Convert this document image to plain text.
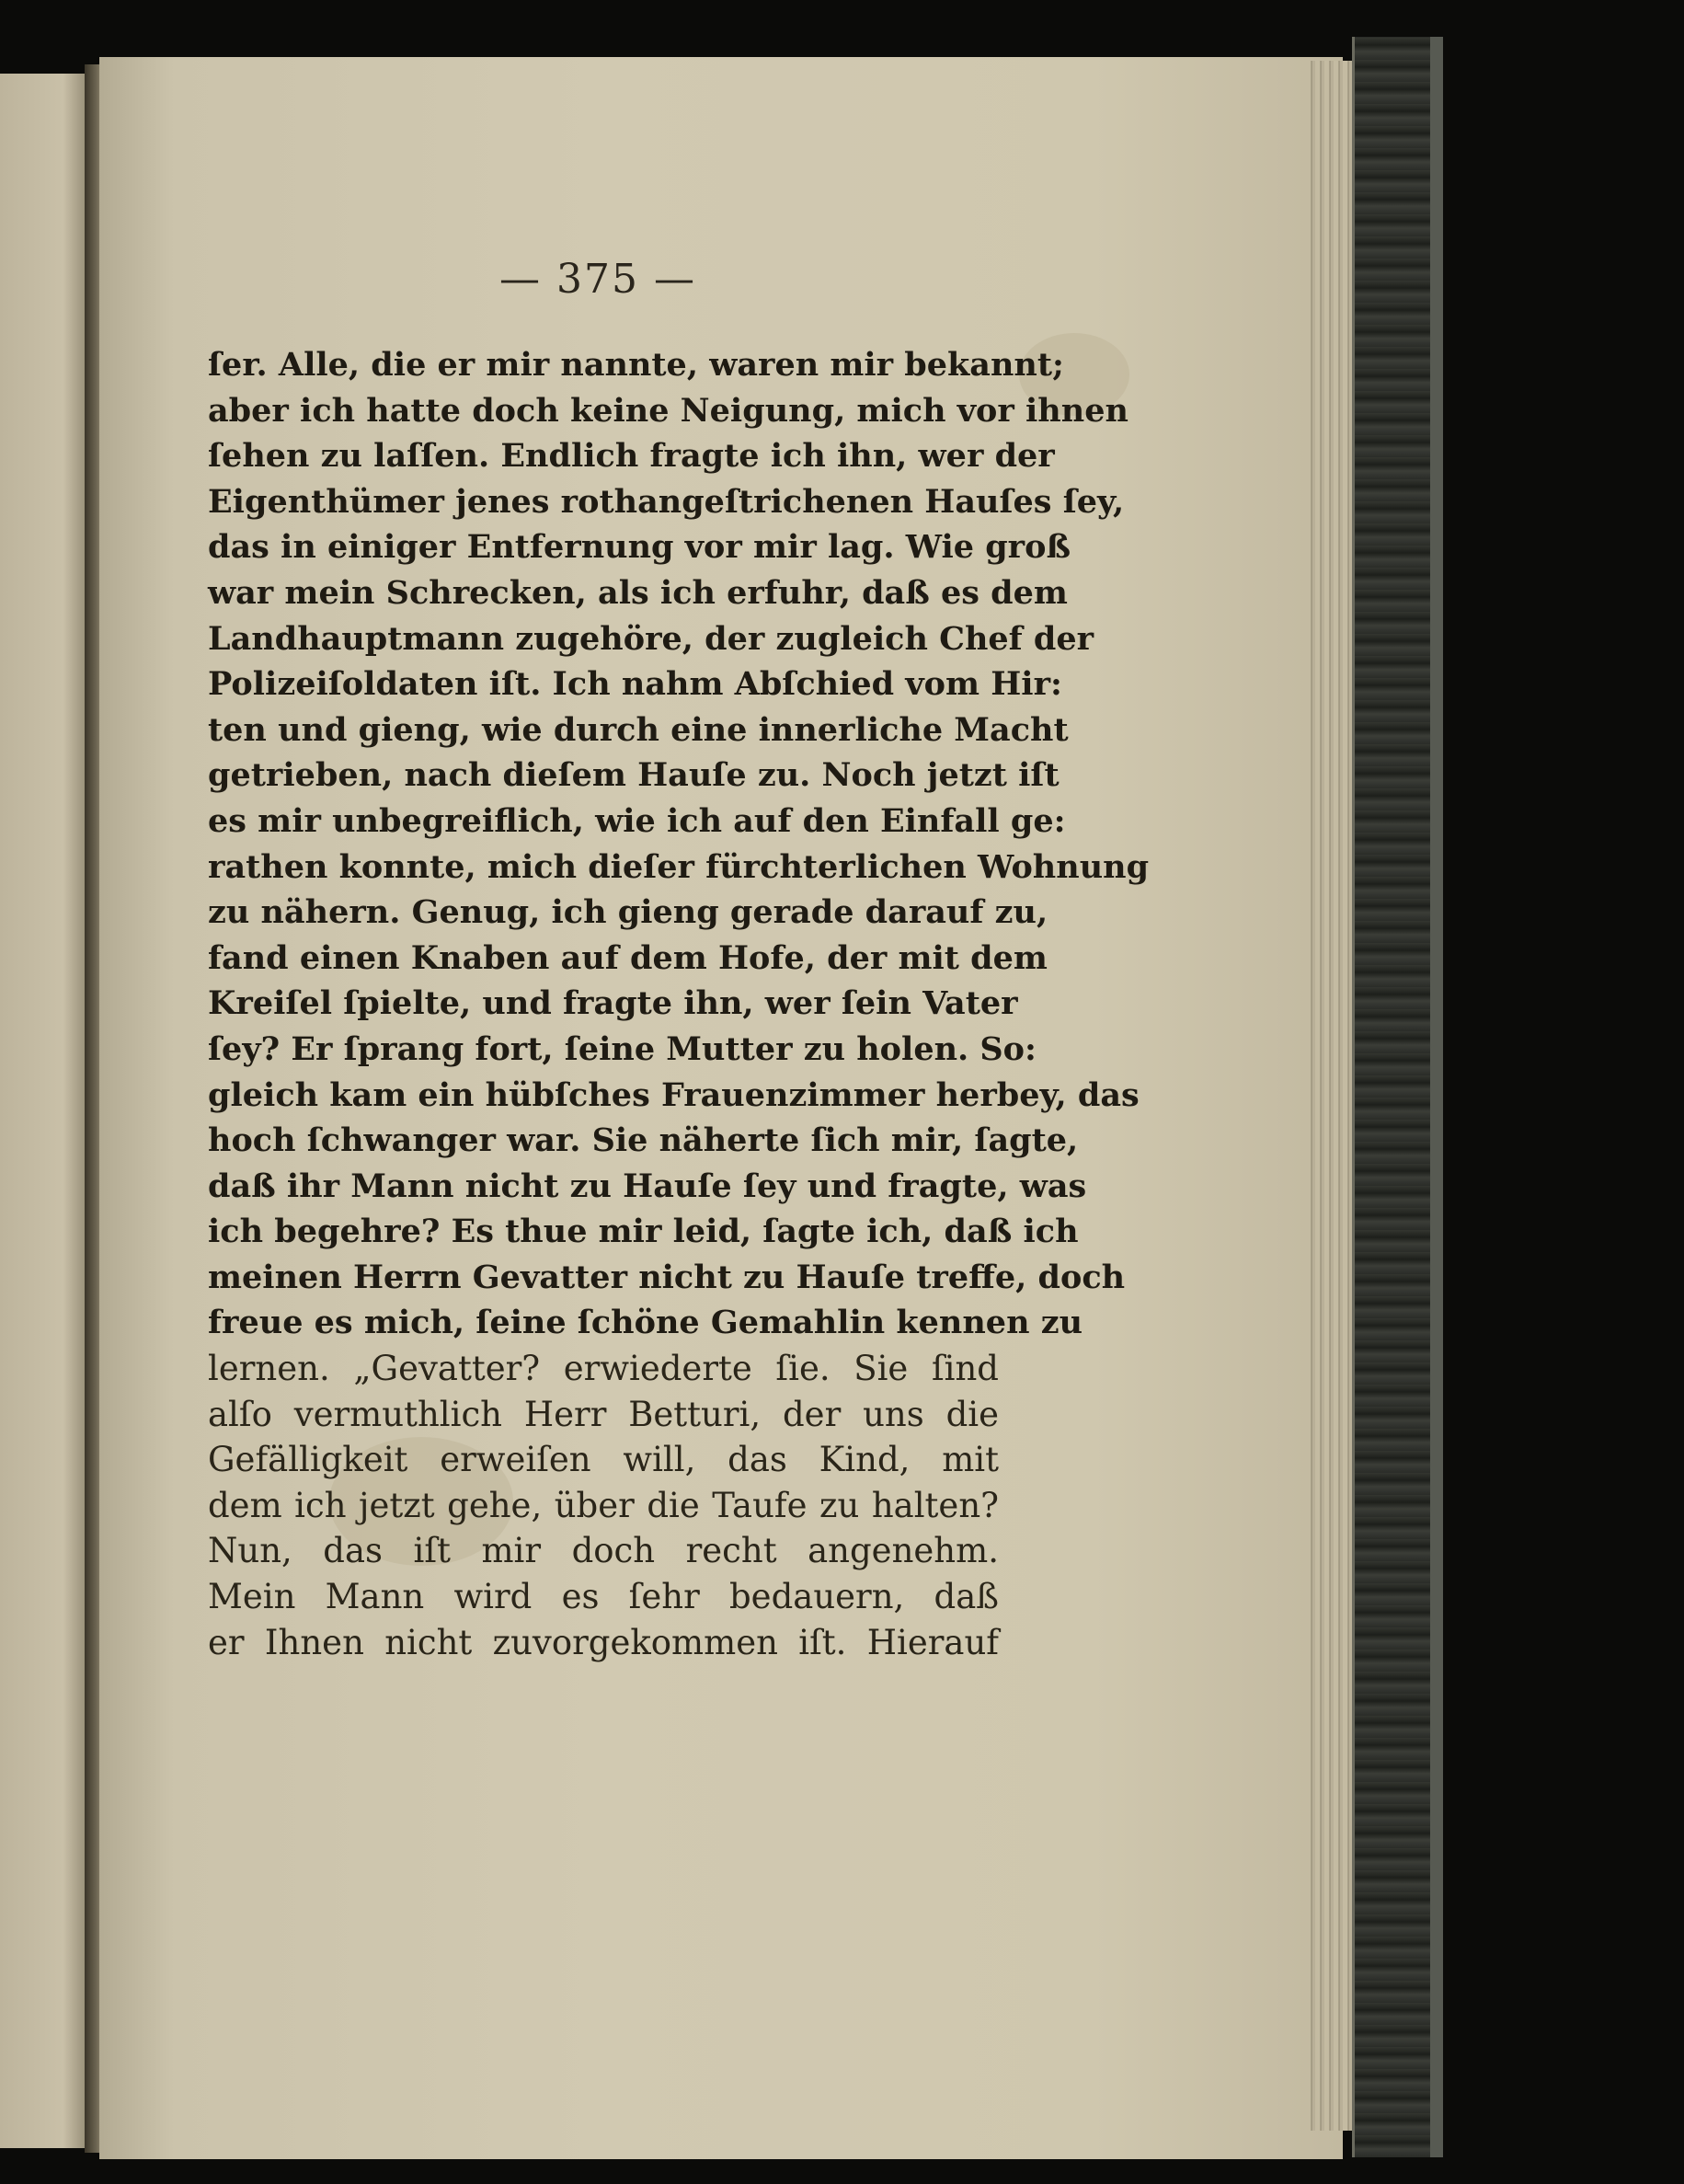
— 375 —
ſer. Alle, die er mir nannte, waren mir bekannt;
aber ich hatte doch keine Neigung, mich vor ihnen
ſehen zu laſſen. Endlich fragte ich ihn, wer der
Eigenthümer jenes rothangeſtrichenen Hauſes ſey,
das in einiger Entfernung vor mir lag. Wie groß
war mein Schrecken, als ich erfuhr, daß es dem
Landhauptmann zugehöre, der zugleich Chef der
Polizeiſoldaten iſt. Ich nahm Abſchied vom Hir:
ten und gieng, wie durch eine innerliche Macht
getrieben, nach dieſem Hauſe zu. Noch jetzt iſt
es mir unbegreiflich, wie ich auf den Einfall ge:
rathen konnte, mich dieſer fürchterlichen Wohnung
zu nähern. Genug, ich gieng gerade darauf zu,
fand einen Knaben auf dem Hofe, der mit dem
Kreiſel ſpielte, und fragte ihn, wer ſein Vater
ſey? Er ſprang fort, ſeine Mutter zu holen. So:
gleich kam ein hübſches Frauenzimmer herbey, das
hoch ſchwanger war. Sie näherte ſich mir, ſagte,
daß ihr Mann nicht zu Hauſe ſey und fragte, was
ich begehre? Es thue mir leid, ſagte ich, daß ich
meinen Herrn Gevatter nicht zu Hauſe treffe, doch
freue es mich, ſeine ſchöne Gemahlin kennen zu
lernen. „Gevatter? erwiederte ſie. Sie ſind
alſo vermuthlich Herr Betturi, der uns die
Gefälligkeit erweiſen will, das Kind, mit
dem ich jetzt gehe, über die Taufe zu halten?
Nun, das iſt mir doch recht angenehm.
Mein Mann wird es ſehr bedauern, daß
er Ihnen nicht zuvorgekommen iſt. Hierauf
